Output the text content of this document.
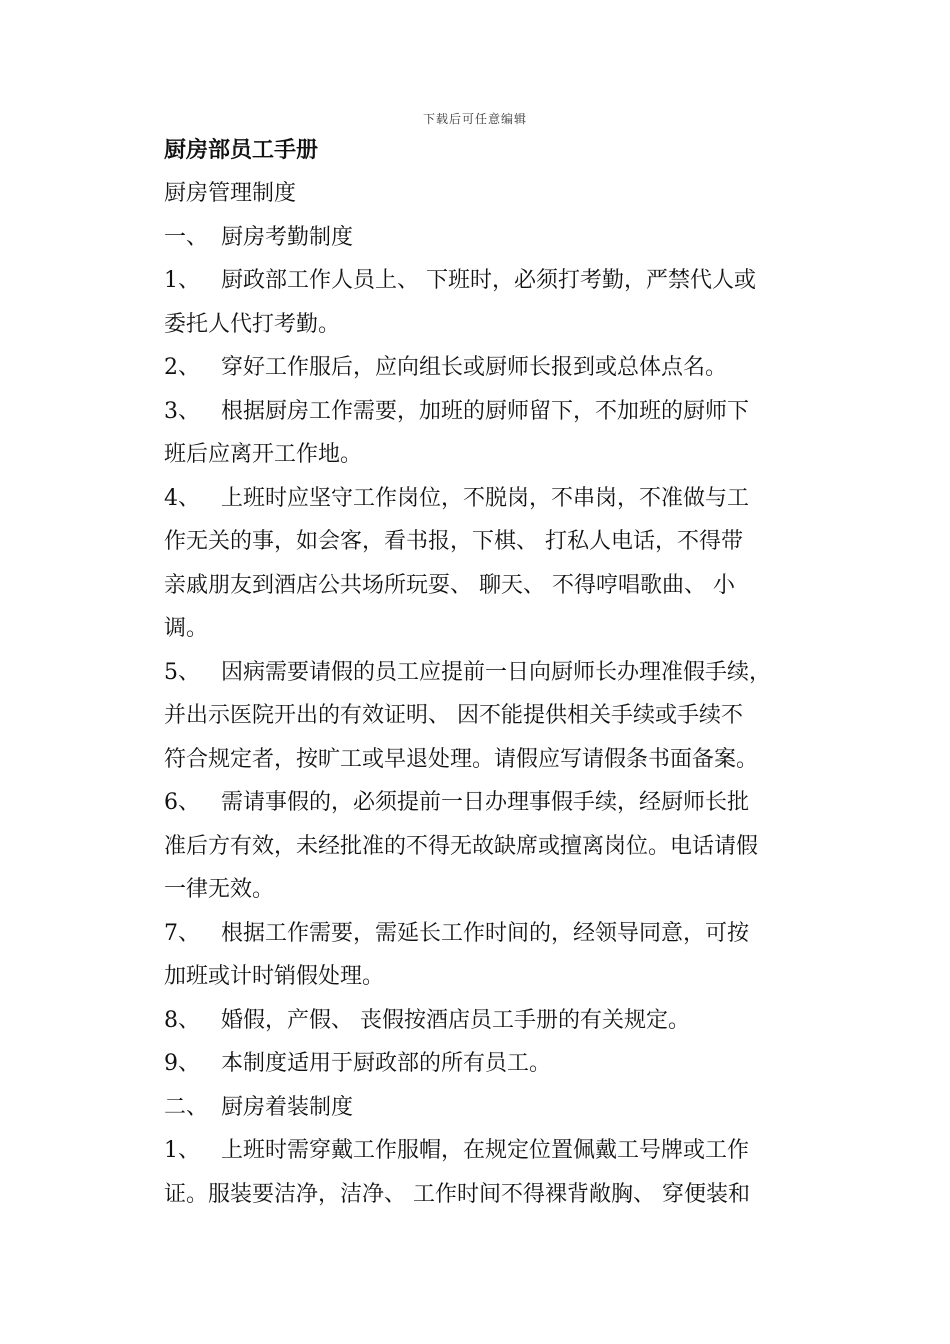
下载后可任意编辑
厨房部员工手册
厨房管理制度
一、 厨房考勤制度
1、 厨政部工作人员上、 下班时，必须打考勤，严禁代人或
委托人代打考勤。
2、 穿好工作服后，应向组长或厨师长报到或总体点名。
3、 根据厨房工作需要，加班的厨师留下，不加班的厨师下
班后应离开工作地。
4、 上班时应坚守工作岗位，不脱岗，不串岗，不准做与工
作无关的事，如会客，看书报，下棋、 打私人电话，不得带
亲戚朋友到酒店公共场所玩耍、 聊天、 不得哼唱歌曲、 小
调。
5、 因病需要请假的员工应提前一日向厨师长办理准假手续，
并出示医院开出的有效证明、 因不能提供相关手续或手续不
符合规定者，按旷工或早退处理。请假应写请假条书面备案。
6、 需请事假的，必须提前一日办理事假手续，经厨师长批
准后方有效，未经批准的不得无故缺席或擅离岗位。电话请假
一律无效。
7、 根据工作需要，需延长工作时间的，经领导同意，可按
加班或计时销假处理。
8、 婚假，产假、 丧假按酒店员工手册的有关规定。
9、 本制度适用于厨政部的所有员工。
二、 厨房着装制度
1、 上班时需穿戴工作服帽，在规定位置佩戴工号牌或工作
证。服装要洁净，洁净、 工作时间不得裸背敞胸、 穿便装和
